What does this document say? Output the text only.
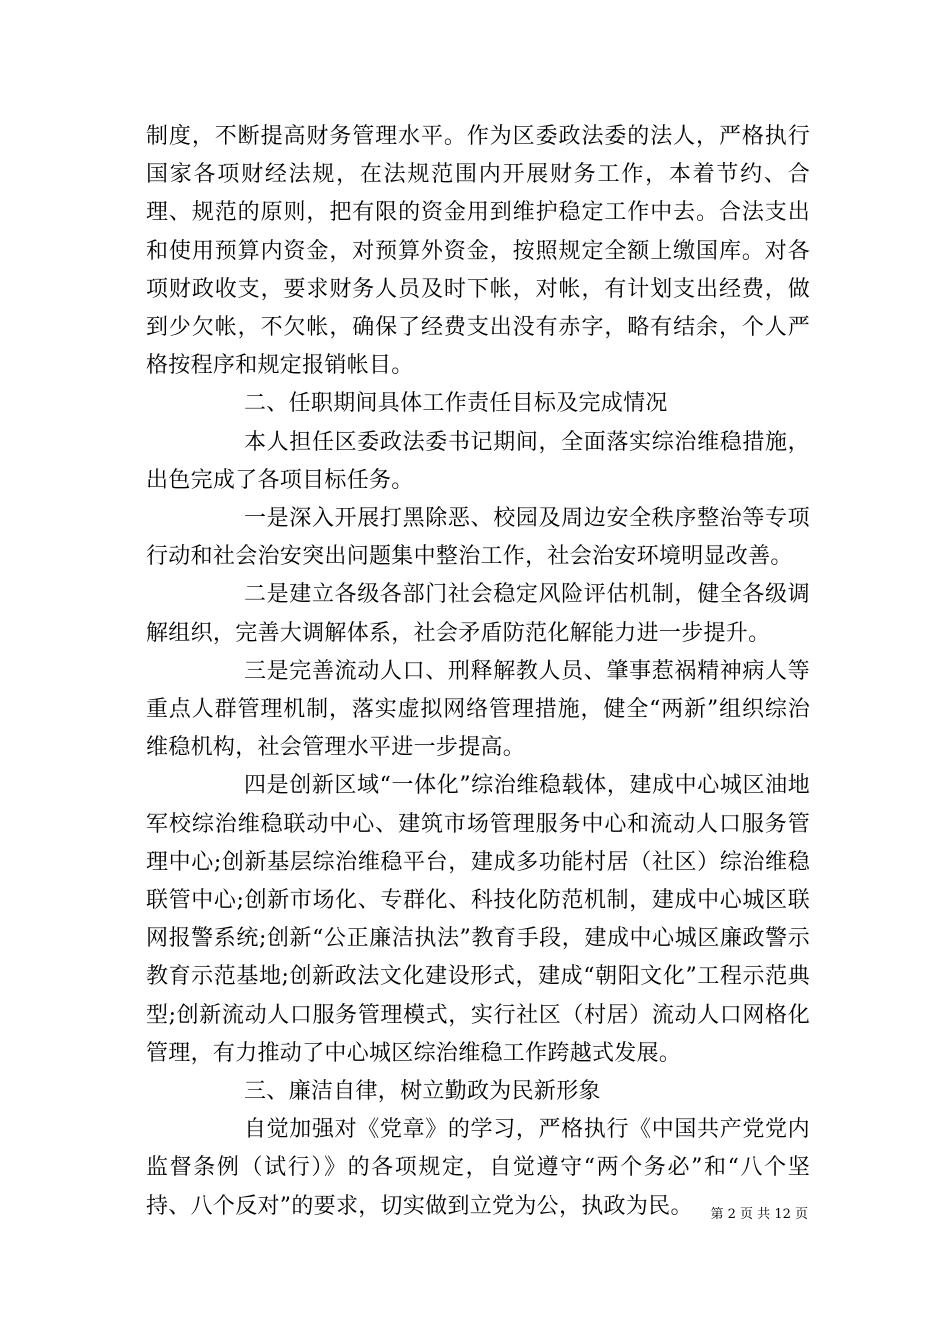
制度，不断提高财务管理水平。作为区委政法委的法人，严格执行国家各项财经法规，在法规范围内开展财务工作，本着节约、合理、规范的原则，把有限的资金用到维护稳定工作中去。合法支出和使用预算内资金，对预算外资金，按照规定全额上缴国库。对各项财政收支，要求财务人员及时下帐，对帐，有计划支出经费，做到少欠帐，不欠帐，确保了经费支出没有赤字，略有结余，个人严格按程序和规定报销帐目。

二、任职期间具体工作责任目标及完成情况

本人担任区委政法委书记期间，全面落实综治维稳措施，出色完成了各项目标任务。

一是深入开展打黑除恶、校园及周边安全秩序整治等专项行动和社会治安突出问题集中整治工作，社会治安环境明显改善。

二是建立各级各部门社会稳定风险评估机制，健全各级调解组织，完善大调解体系，社会矛盾防范化解能力进一步提升。

三是完善流动人口、刑释解教人员、肇事惹祸精神病人等重点人群管理机制，落实虚拟网络管理措施，健全“两新”组织综治维稳机构，社会管理水平进一步提高。

四是创新区域“一体化”综治维稳载体，建成中心城区油地军校综治维稳联动中心、建筑市场管理服务中心和流动人口服务管理中心;创新基层综治维稳平台，建成多功能村居（社区）综治维稳联管中心;创新市场化、专群化、科技化防范机制，建成中心城区联网报警系统;创新“公正廉洁执法”教育手段，建成中心城区廉政警示教育示范基地;创新政法文化建设形式，建成“朝阳文化”工程示范典型;创新流动人口服务管理模式，实行社区（村居）流动人口网格化管理，有力推动了中心城区综治维稳工作跨越式发展。

三、廉洁自律，树立勤政为民新形象

自觉加强对《党章》的学习，严格执行《中国共产党党内监督条例（试行）》的各项规定，自觉遵守“两个务必”和“八个坚持、八个反对”的要求，切实做到立党为公，执政为民。	第 2 页 共 12 页
